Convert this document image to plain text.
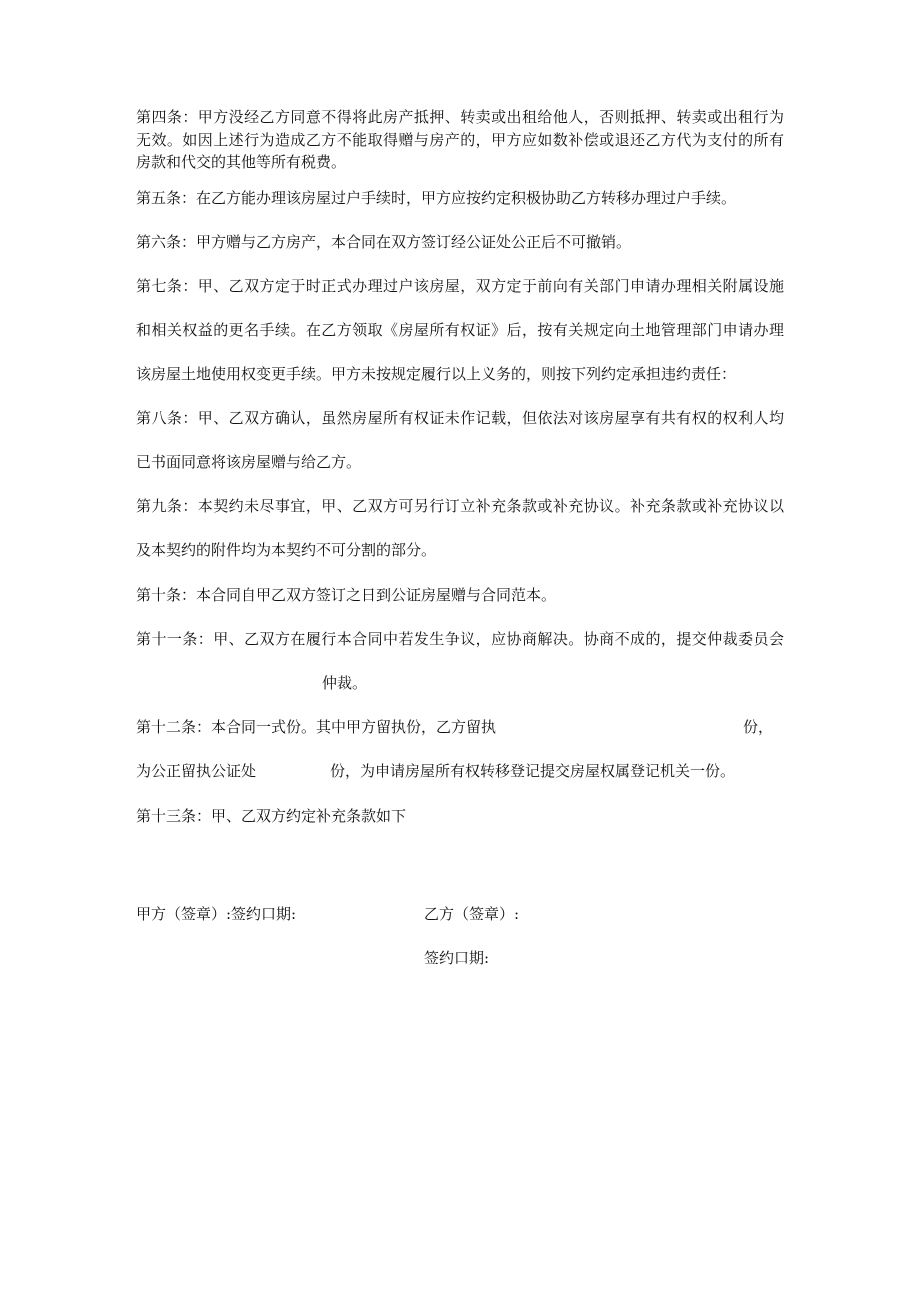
第四条：甲方没经乙方同意不得将此房产抵押、转卖或出租给他人，否则抵押、转卖或出租行为

无效。如因上述行为造成乙方不能取得赠与房产的，甲方应如数补偿或退还乙方代为支付的所有

房款和代交的其他等所有税费。

第五条：在乙方能办理该房屋过户手续时，甲方应按约定积极协助乙方转移办理过户手续。

第六条：甲方赠与乙方房产，本合同在双方签订经公证处公正后不可撤销。

第七条：甲、乙双方定于时正式办理过户该房屋，双方定于前向有关部门申请办理相关附属设施

和相关权益的更名手续。在乙方领取《房屋所有权证》后，按有关规定向土地管理部门申请办理

该房屋土地使用权变更手续。甲方未按规定履行以上义务的，则按下列约定承担违约责任：

第八条：甲、乙双方确认，虽然房屋所有权证未作记载，但依法对该房屋享有共有权的权利人均

已书面同意将该房屋赠与给乙方。

第九条：本契约未尽事宜，甲、乙双方可另行订立补充条款或补充协议。补充条款或补充协议以

及本契约的附件均为本契约不可分割的部分。

第十条：本合同自甲乙双方签订之日到公证房屋赠与合同范本。

第十一条：甲、乙双方在履行本合同中若发生争议，应协商解决。协商不成的，提交仲裁委员会

仲裁。

第十二条：本合同一式份。其中甲方留执份，乙方留执	份，

为公正留执公证处	份，为申请房屋所有权转移登记提交房屋权属登记机关一份。

第十三条：甲、乙双方约定补充条款如下

甲方（签章）:签约口期:	乙方（签章）:

签约口期:
